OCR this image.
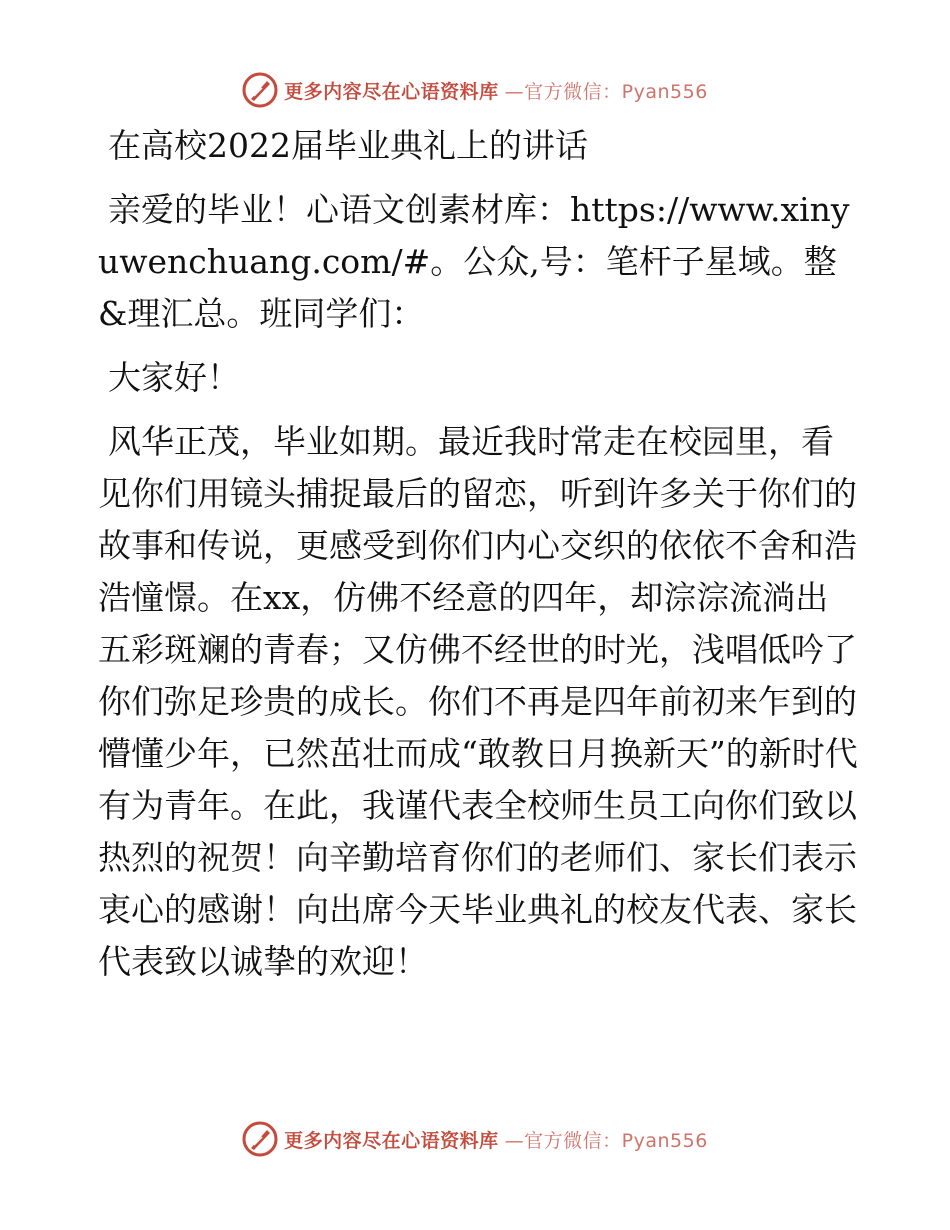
更多内容尽在心语资料库 —官方微信：Pyan556
在高校2022届毕业典礼上的讲话

亲爱的毕业！心语文创素材库：https://www.xinyuwenchuang.com/#。公众,号：笔杆子星域。整&理汇总。班同学们：

大家好！

风华正茂，毕业如期。最近我时常走在校园里，看见你们用镜头捕捉最后的留恋，听到许多关于你们的故事和传说，更感受到你们内心交织的依依不舍和浩浩憧憬。在xx，仿佛不经意的四年，却淙淙流淌出五彩斑斓的青春；又仿佛不经世的时光，浅唱低吟了你们弥足珍贵的成长。你们不再是四年前初来乍到的懵懂少年，已然茁壮而成“敢教日月换新天”的新时代有为青年。在此，我谨代表全校师生员工向你们致以热烈的祝贺！向辛勤培育你们的老师们、家长们表示衷心的感谢！向出席今天毕业典礼的校友代表、家长代表致以诚挚的欢迎！

更多内容尽在心语资料库 —官方微信：Pyan556
